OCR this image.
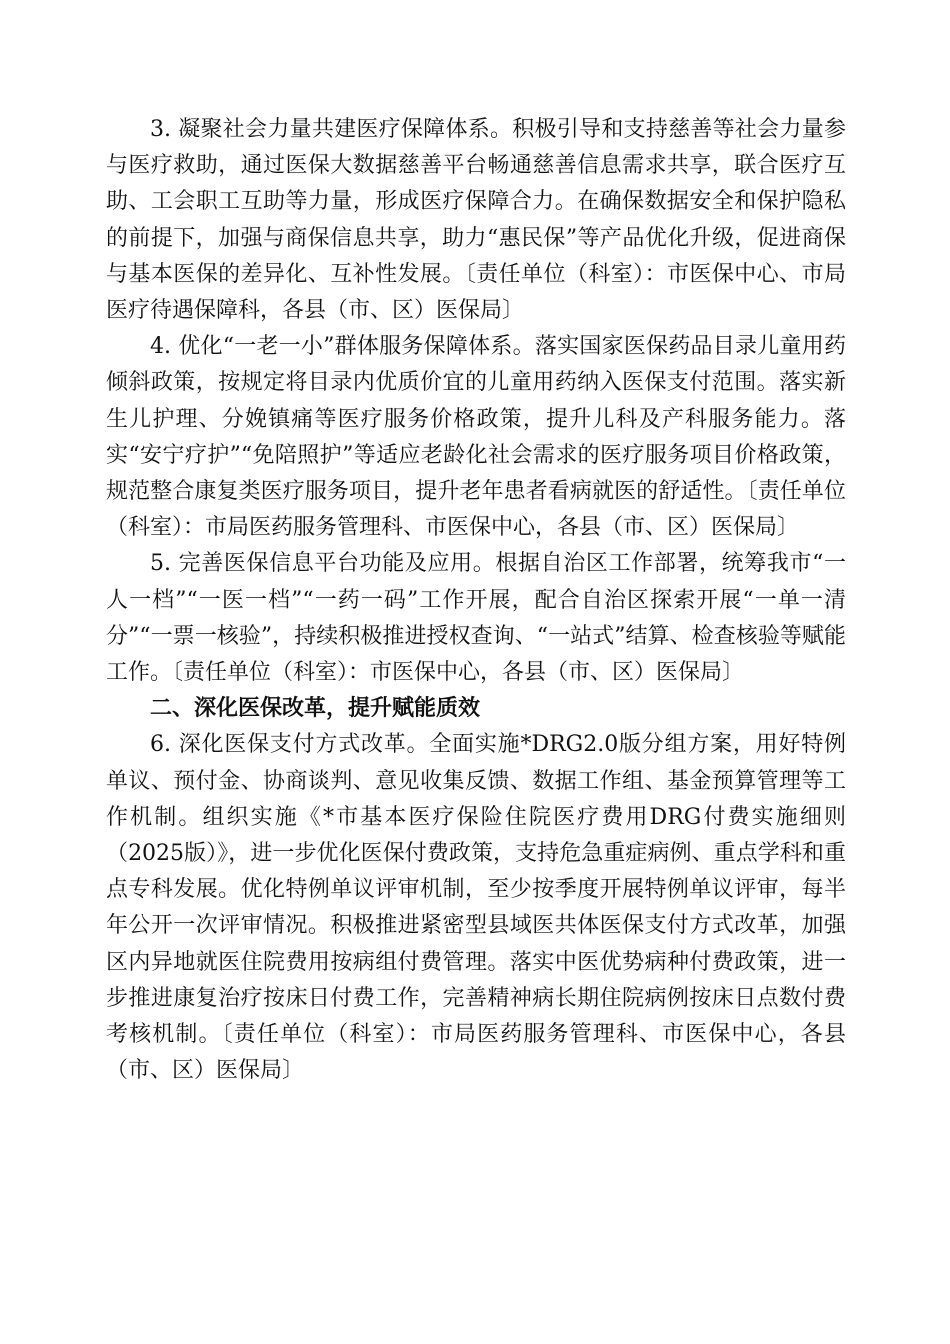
3. 凝聚社会力量共建医疗保障体系。积极引导和支持慈善等社会力量参与医疗救助，通过医保大数据慈善平台畅通慈善信息需求共享，联合医疗互助、工会职工互助等力量，形成医疗保障合力。在确保数据安全和保护隐私的前提下，加强与商保信息共享，助力“惠民保”等产品优化升级，促进商保与基本医保的差异化、互补性发展。〔责任单位（科室）：市医保中心、市局医疗待遇保障科，各县（市、区）医保局〕

4. 优化“一老一小”群体服务保障体系。落实国家医保药品目录儿童用药倾斜政策，按规定将目录内优质价宜的儿童用药纳入医保支付范围。落实新生儿护理、分娩镇痛等医疗服务价格政策，提升儿科及产科服务能力。落实“安宁疗护”“免陪照护”等适应老龄化社会需求的医疗服务项目价格政策，规范整合康复类医疗服务项目，提升老年患者看病就医的舒适性。〔责任单位（科室）：市局医药服务管理科、市医保中心，各县（市、区）医保局〕

5. 完善医保信息平台功能及应用。根据自治区工作部署，统筹我市“一人一档”“一医一档”“一药一码”工作开展，配合自治区探索开展“一单一清分”“一票一核验”，持续积极推进授权查询、“一站式”结算、检查核验等赋能工作。〔责任单位（科室）：市医保中心，各县（市、区）医保局〕

二、深化医保改革，提升赋能质效

6. 深化医保支付方式改革。全面实施*DRG2.0版分组方案，用好特例单议、预付金、协商谈判、意见收集反馈、数据工作组、基金预算管理等工作机制。组织实施《*市基本医疗保险住院医疗费用DRG付费实施细则（2025版）》，进一步优化医保付费政策，支持危急重症病例、重点学科和重点专科发展。优化特例单议评审机制，至少按季度开展特例单议评审，每半年公开一次评审情况。积极推进紧密型县域医共体医保支付方式改革，加强区内异地就医住院费用按病组付费管理。落实中医优势病种付费政策，进一步推进康复治疗按床日付费工作，完善精神病长期住院病例按床日点数付费考核机制。〔责任单位（科室）：市局医药服务管理科、市医保中心，各县（市、区）医保局〕
